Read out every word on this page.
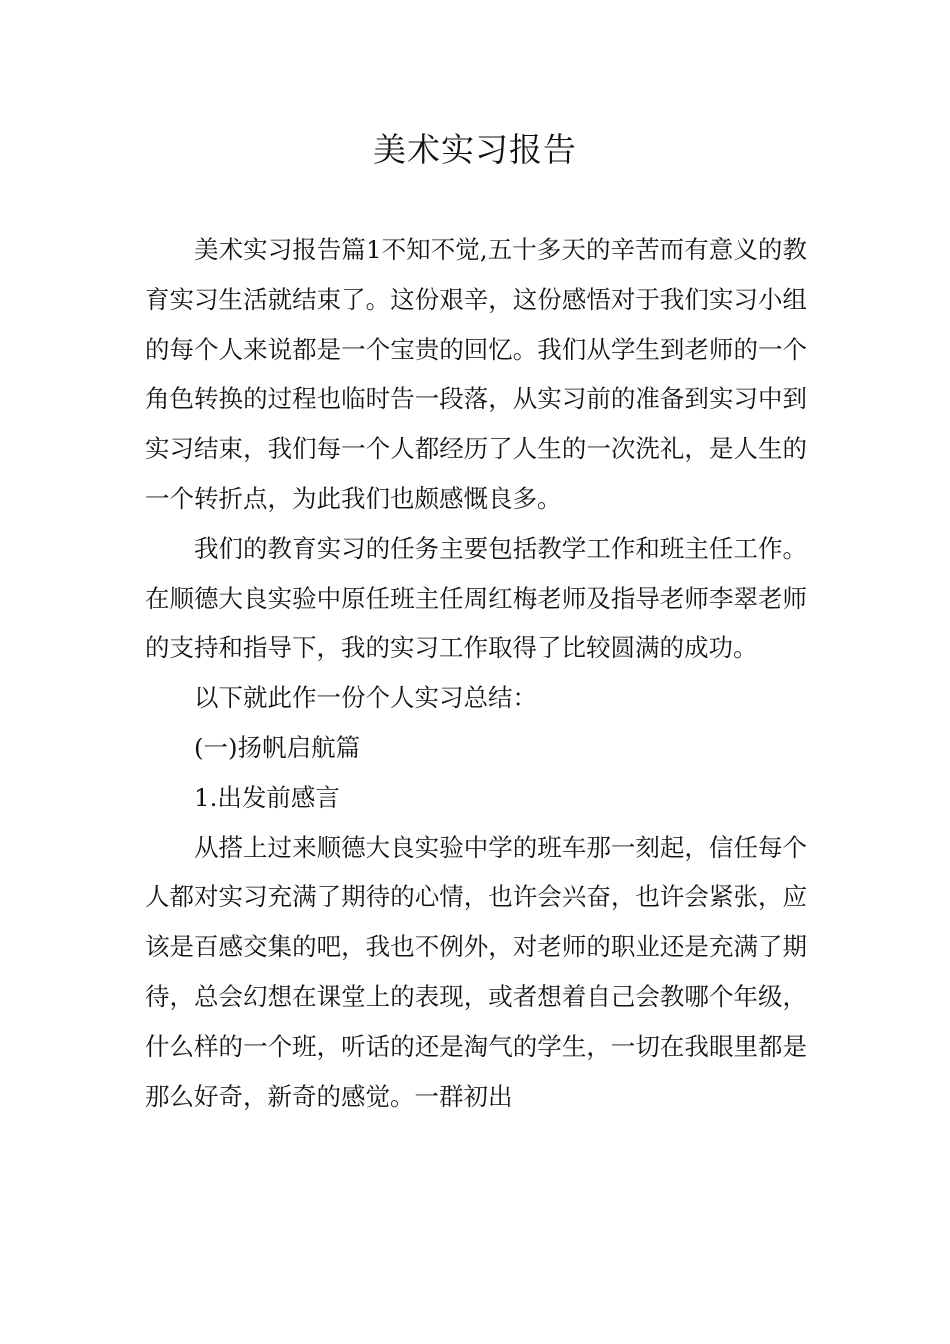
美术实习报告

美术实习报告篇1不知不觉,五十多天的辛苦而有意义的教育实习生活就结束了。这份艰辛，这份感悟对于我们实习小组的每个人来说都是一个宝贵的回忆。我们从学生到老师的一个角色转换的过程也临时告一段落，从实习前的准备到实习中到实习结束，我们每一个人都经历了人生的一次洗礼，是人生的一个转折点，为此我们也颇感慨良多。

我们的教育实习的任务主要包括教学工作和班主任工作。在顺德大良实验中原任班主任周红梅老师及指导老师李翠老师的支持和指导下，我的实习工作取得了比较圆满的成功。

以下就此作一份个人实习总结：

(一)扬帆启航篇

1.出发前感言

从搭上过来顺德大良实验中学的班车那一刻起，信任每个人都对实习充满了期待的心情，也许会兴奋，也许会紧张，应该是百感交集的吧，我也不例外，对老师的职业还是充满了期待，总会幻想在课堂上的表现，或者想着自己会教哪个年级，什么样的一个班，听话的还是淘气的学生，一切在我眼里都是那么好奇，新奇的感觉。一群初出
